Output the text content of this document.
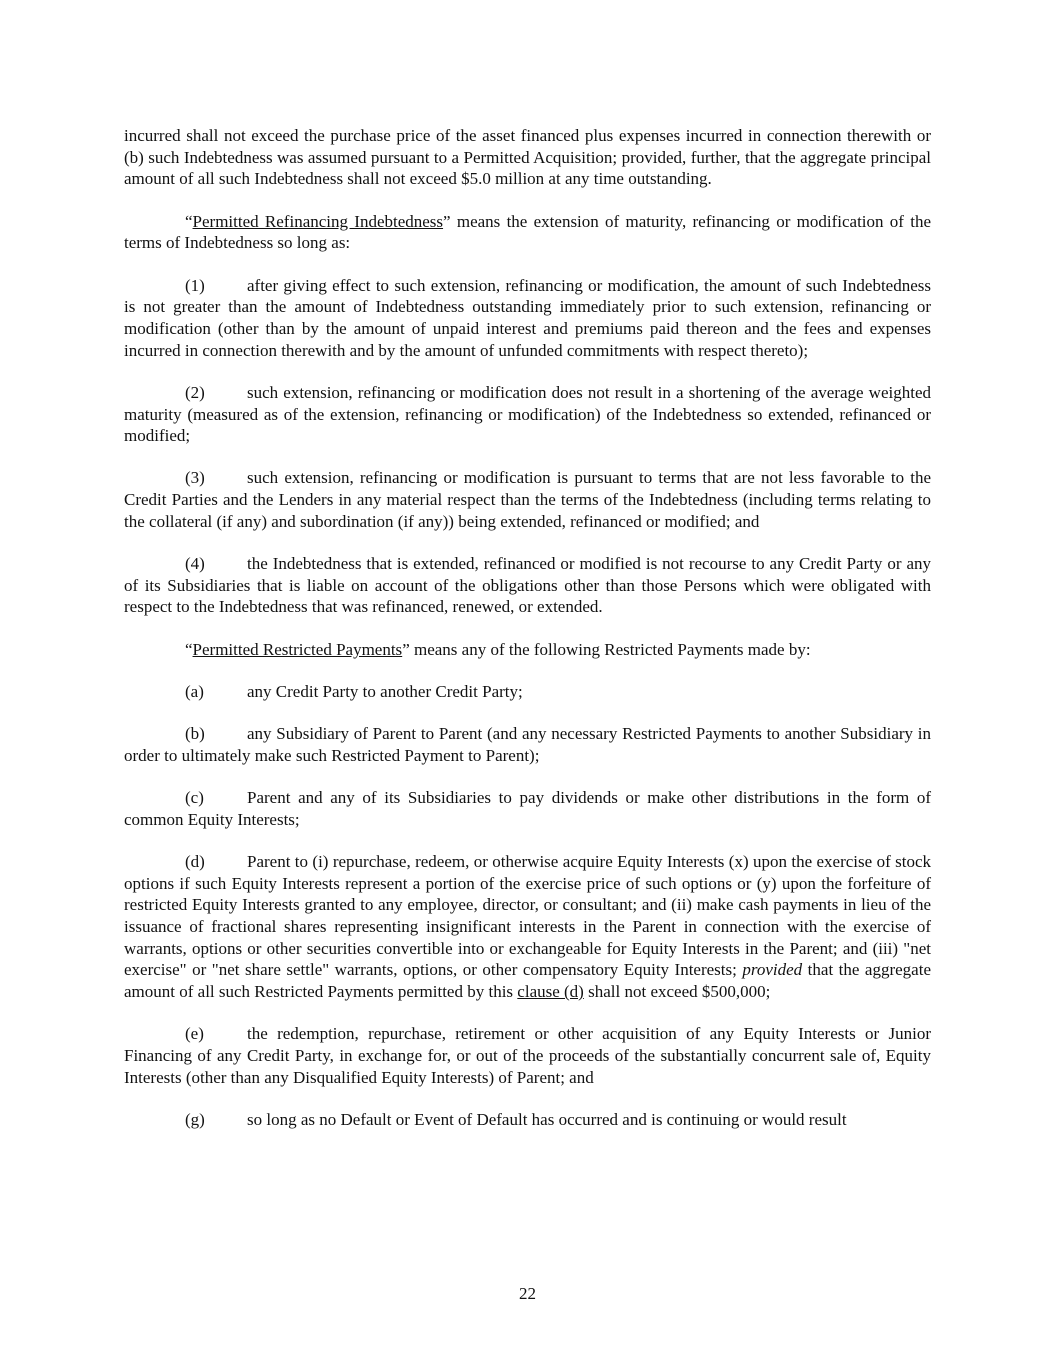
incurred shall not exceed the purchase price of the asset financed plus expenses incurred in connection therewith or (b) such Indebtedness was assumed pursuant to a Permitted Acquisition; provided, further, that the aggregate principal amount of all such Indebtedness shall not exceed $5.0 million at any time outstanding.

“Permitted Refinancing Indebtedness” means the extension of maturity, refinancing or modification of the terms of Indebtedness so long as:

(1) after giving effect to such extension, refinancing or modification, the amount of such Indebtedness is not greater than the amount of Indebtedness outstanding immediately prior to such extension, refinancing or modification (other than by the amount of unpaid interest and premiums paid thereon and the fees and expenses incurred in connection therewith and by the amount of unfunded commitments with respect thereto);

(2) such extension, refinancing or modification does not result in a shortening of the average weighted maturity (measured as of the extension, refinancing or modification) of the Indebtedness so extended, refinanced or modified;

(3) such extension, refinancing or modification is pursuant to terms that are not less favorable to the Credit Parties and the Lenders in any material respect than the terms of the Indebtedness (including terms relating to the collateral (if any) and subordination (if any)) being extended, refinanced or modified; and

(4) the Indebtedness that is extended, refinanced or modified is not recourse to any Credit Party or any of its Subsidiaries that is liable on account of the obligations other than those Persons which were obligated with respect to the Indebtedness that was refinanced, renewed, or extended.

“Permitted Restricted Payments” means any of the following Restricted Payments made by:

(a)	any Credit Party to another Credit Party;

(b) any Subsidiary of Parent to Parent (and any necessary Restricted Payments to another Subsidiary in order to ultimately make such Restricted Payment to Parent);

(c)	Parent and any of its Subsidiaries to pay dividends or make other distributions in the form of common Equity Interests;

(d) Parent to (i) repurchase, redeem, or otherwise acquire Equity Interests (x) upon the exercise of stock options if such Equity Interests represent a portion of the exercise price of such options or (y) upon the forfeiture of restricted Equity Interests granted to any employee, director, or consultant; and (ii) make cash payments in lieu of the issuance of fractional shares representing insignificant interests in the Parent in connection with the exercise of warrants, options or other securities convertible into or exchangeable for Equity Interests in the Parent; and (iii) "net exercise" or "net share settle" warrants, options, or other compensatory Equity Interests; provided that the aggregate amount of all such Restricted Payments permitted by this clause (d) shall not exceed $500,000;

(e)	the redemption, repurchase, retirement or other acquisition of any Equity Interests or Junior Financing of any Credit Party, in exchange for, or out of the proceeds of the substantially concurrent sale of, Equity Interests (other than any Disqualified Equity Interests) of Parent; and

(g) so long as no Default or Event of Default has occurred and is continuing or would result

22
